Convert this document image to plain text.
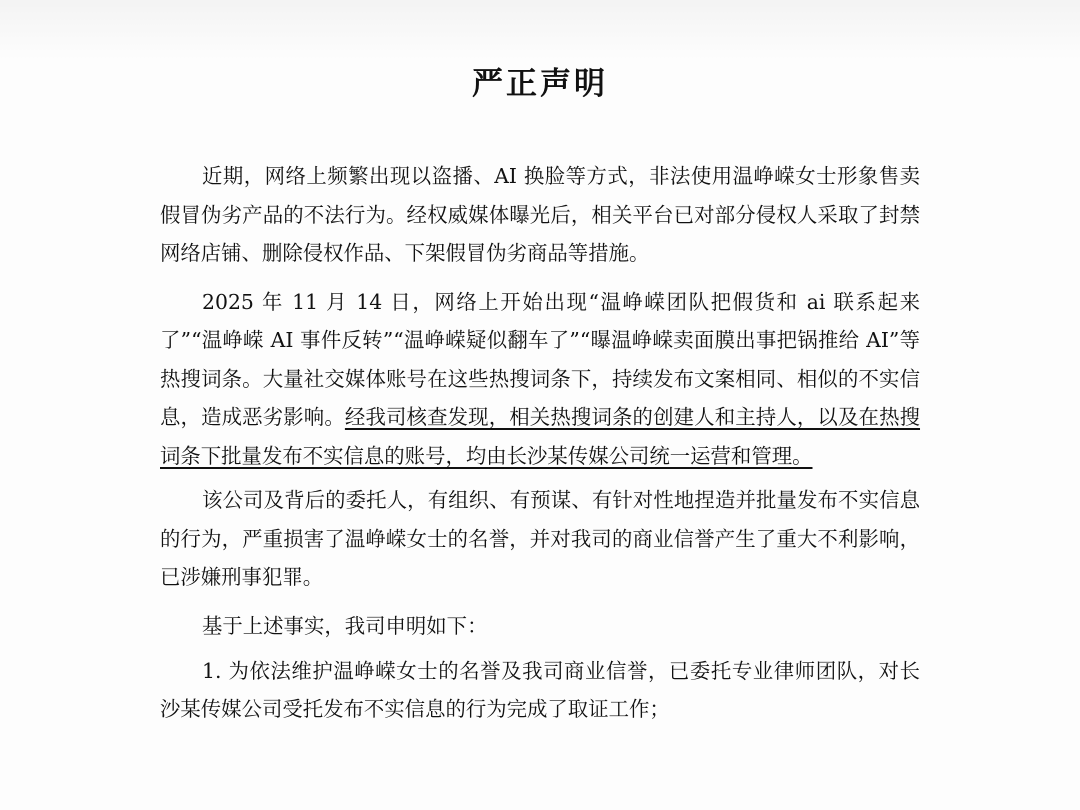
严正声明

近期，网络上频繁出现以盗播、AI 换脸等方式，非法使用温峥嵘女士形象售卖假冒伪劣产品的不法行为。经权威媒体曝光后，相关平台已对部分侵权人采取了封禁网络店铺、删除侵权作品、下架假冒伪劣商品等措施。

2025 年 11 月 14 日，网络上开始出现“温峥嵘团队把假货和 ai 联系起来了”“温峥嵘 AI 事件反转”“温峥嵘疑似翻车了”“曝温峥嵘卖面膜出事把锅推给 AI”等热搜词条。大量社交媒体账号在这些热搜词条下，持续发布文案相同、相似的不实信息，造成恶劣影响。经我司核查发现，相关热搜词条的创建人和主持人，以及在热搜词条下批量发布不实信息的账号，均由长沙某传媒公司统一运营和管理。

该公司及背后的委托人，有组织、有预谋、有针对性地捏造并批量发布不实信息的行为，严重损害了温峥嵘女士的名誉，并对我司的商业信誉产生了重大不利影响，已涉嫌刑事犯罪。

基于上述事实，我司申明如下：

1. 为依法维护温峥嵘女士的名誉及我司商业信誉，已委托专业律师团队，对长沙某传媒公司受托发布不实信息的行为完成了取证工作；
